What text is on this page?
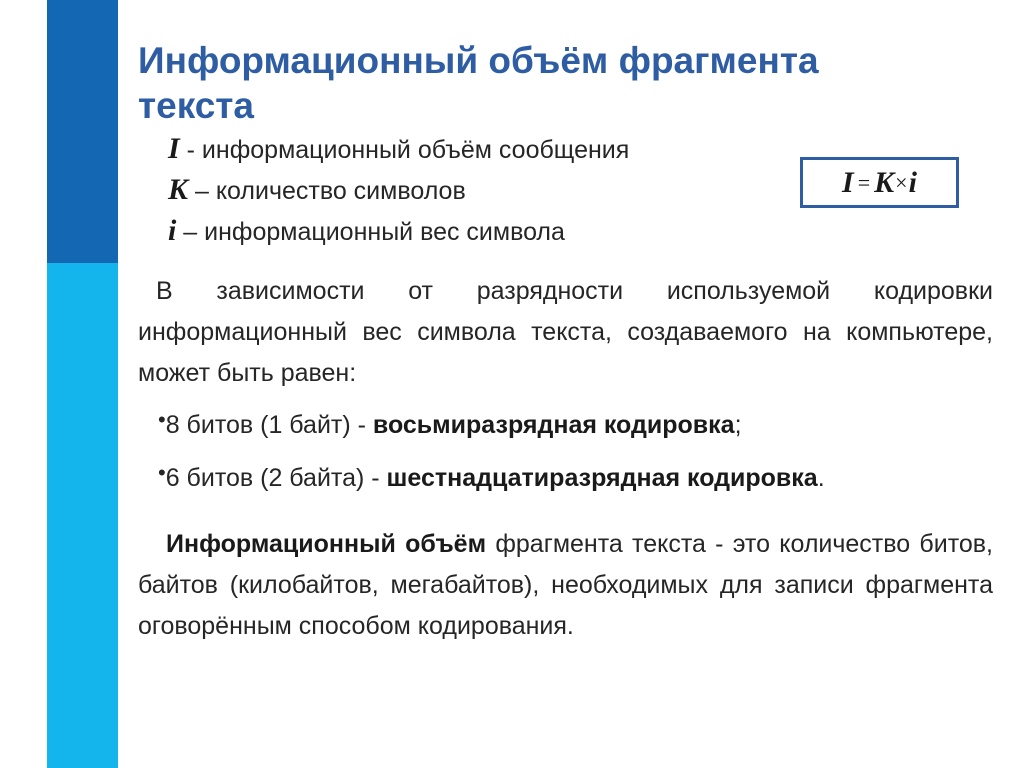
Информационный объём фрагмента текста
I - информационный объём сообщения
K – количество символов
i – информационный вес символа
I = K × i

В зависимости от разрядности используемой кодировки информационный вес символа текста, создаваемого на компьютере, может быть равен:

•8 битов (1 байт) - восьмиразрядная кодировка;
•6 битов (2 байта) - шестнадцатиразрядная кодировка.

Информационный объём фрагмента текста - это количество битов, байтов (килобайтов, мегабайтов), необходимых для записи фрагмента оговорённым способом кодирования.
